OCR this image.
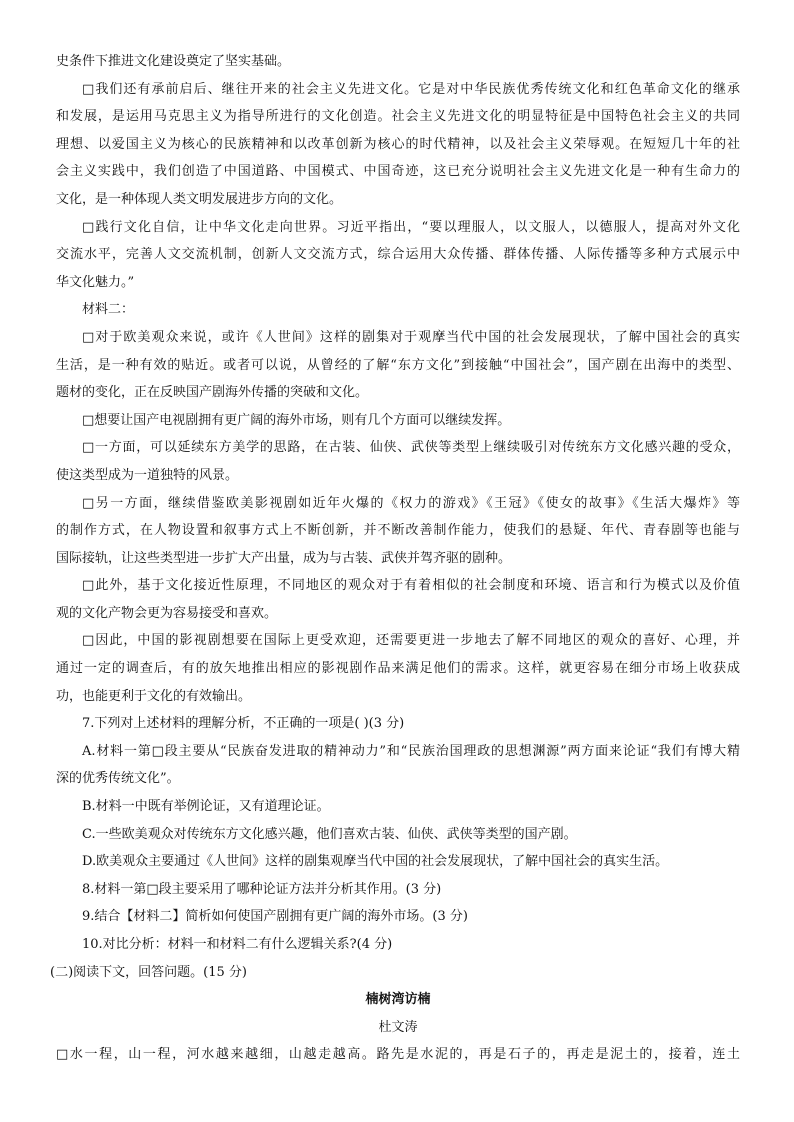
史条件下推进文化建设奠定了坚实基础。
□我们还有承前启后、继往开来的社会主义先进文化。它是对中华民族优秀传统文化和红色革命文化的继承
和发展，是运用马克思主义为指导所进行的文化创造。社会主义先进文化的明显特征是中国特色社会主义的共同
理想、以爱国主义为核心的民族精神和以改革创新为核心的时代精神，以及社会主义荣辱观。在短短几十年的社
会主义实践中，我们创造了中国道路、中国模式、中国奇迹，这已充分说明社会主义先进文化是一种有生命力的
文化，是一种体现人类文明发展进步方向的文化。
□践行文化自信，让中华文化走向世界。习近平指出，“要以理服人，以文服人，以德服人，提高对外文化
交流水平，完善人文交流机制，创新人文交流方式，综合运用大众传播、群体传播、人际传播等多种方式展示中
华文化魅力。”
材料二：
□对于欧美观众来说，或许《人世间》这样的剧集对于观摩当代中国的社会发展现状，了解中国社会的真实
生活，是一种有效的贴近。或者可以说，从曾经的了解“东方文化”到接触“中国社会”，国产剧在出海中的类型、
题材的变化，正在反映国产剧海外传播的突破和文化。
□想要让国产电视剧拥有更广阔的海外市场，则有几个方面可以继续发挥。
□一方面，可以延续东方美学的思路，在古装、仙侠、武侠等类型上继续吸引对传统东方文化感兴趣的受众，
使这类型成为一道独特的风景。
□另一方面，继续借鉴欧美影视剧如近年火爆的《权力的游戏》《王冠》《使女的故事》《生活大爆炸》等
的制作方式，在人物设置和叙事方式上不断创新，并不断改善制作能力，使我们的悬疑、年代、青春剧等也能与
国际接轨，让这些类型进一步扩大产出量，成为与古装、武侠并驾齐驱的剧种。
□此外，基于文化接近性原理，不同地区的观众对于有着相似的社会制度和环境、语言和行为模式以及价值
观的文化产物会更为容易接受和喜欢。
□因此，中国的影视剧想要在国际上更受欢迎，还需要更进一步地去了解不同地区的观众的喜好、心理，并
通过一定的调查后，有的放矢地推出相应的影视剧作品来满足他们的需求。这样，就更容易在细分市场上收获成
功，也能更利于文化的有效输出。
7.下列对上述材料的理解分析，不正确的一项是( )(3 分)
A.材料一第□段主要从“民族奋发进取的精神动力”和“民族治国理政的思想渊源”两方面来论证“我们有博大精
深的优秀传统文化”。
B.材料一中既有举例论证，又有道理论证。
C.一些欧美观众对传统东方文化感兴趣，他们喜欢古装、仙侠、武侠等类型的国产剧。
D.欧美观众主要通过《人世间》这样的剧集观摩当代中国的社会发展现状，了解中国社会的真实生活。
8.材料一第□段主要采用了哪种论证方法并分析其作用。(3 分)
9.结合【材料二】简析如何使国产剧拥有更广阔的海外市场。(3 分)
10.对比分析：材料一和材料二有什么逻辑关系?(4 分)
(二)阅读下文，回答问题。(15 分)
楠树湾访楠
杜文涛
□水一程，山一程，河水越来越细，山越走越高。路先是水泥的，再是石子的，再走是泥土的，接着，连土
